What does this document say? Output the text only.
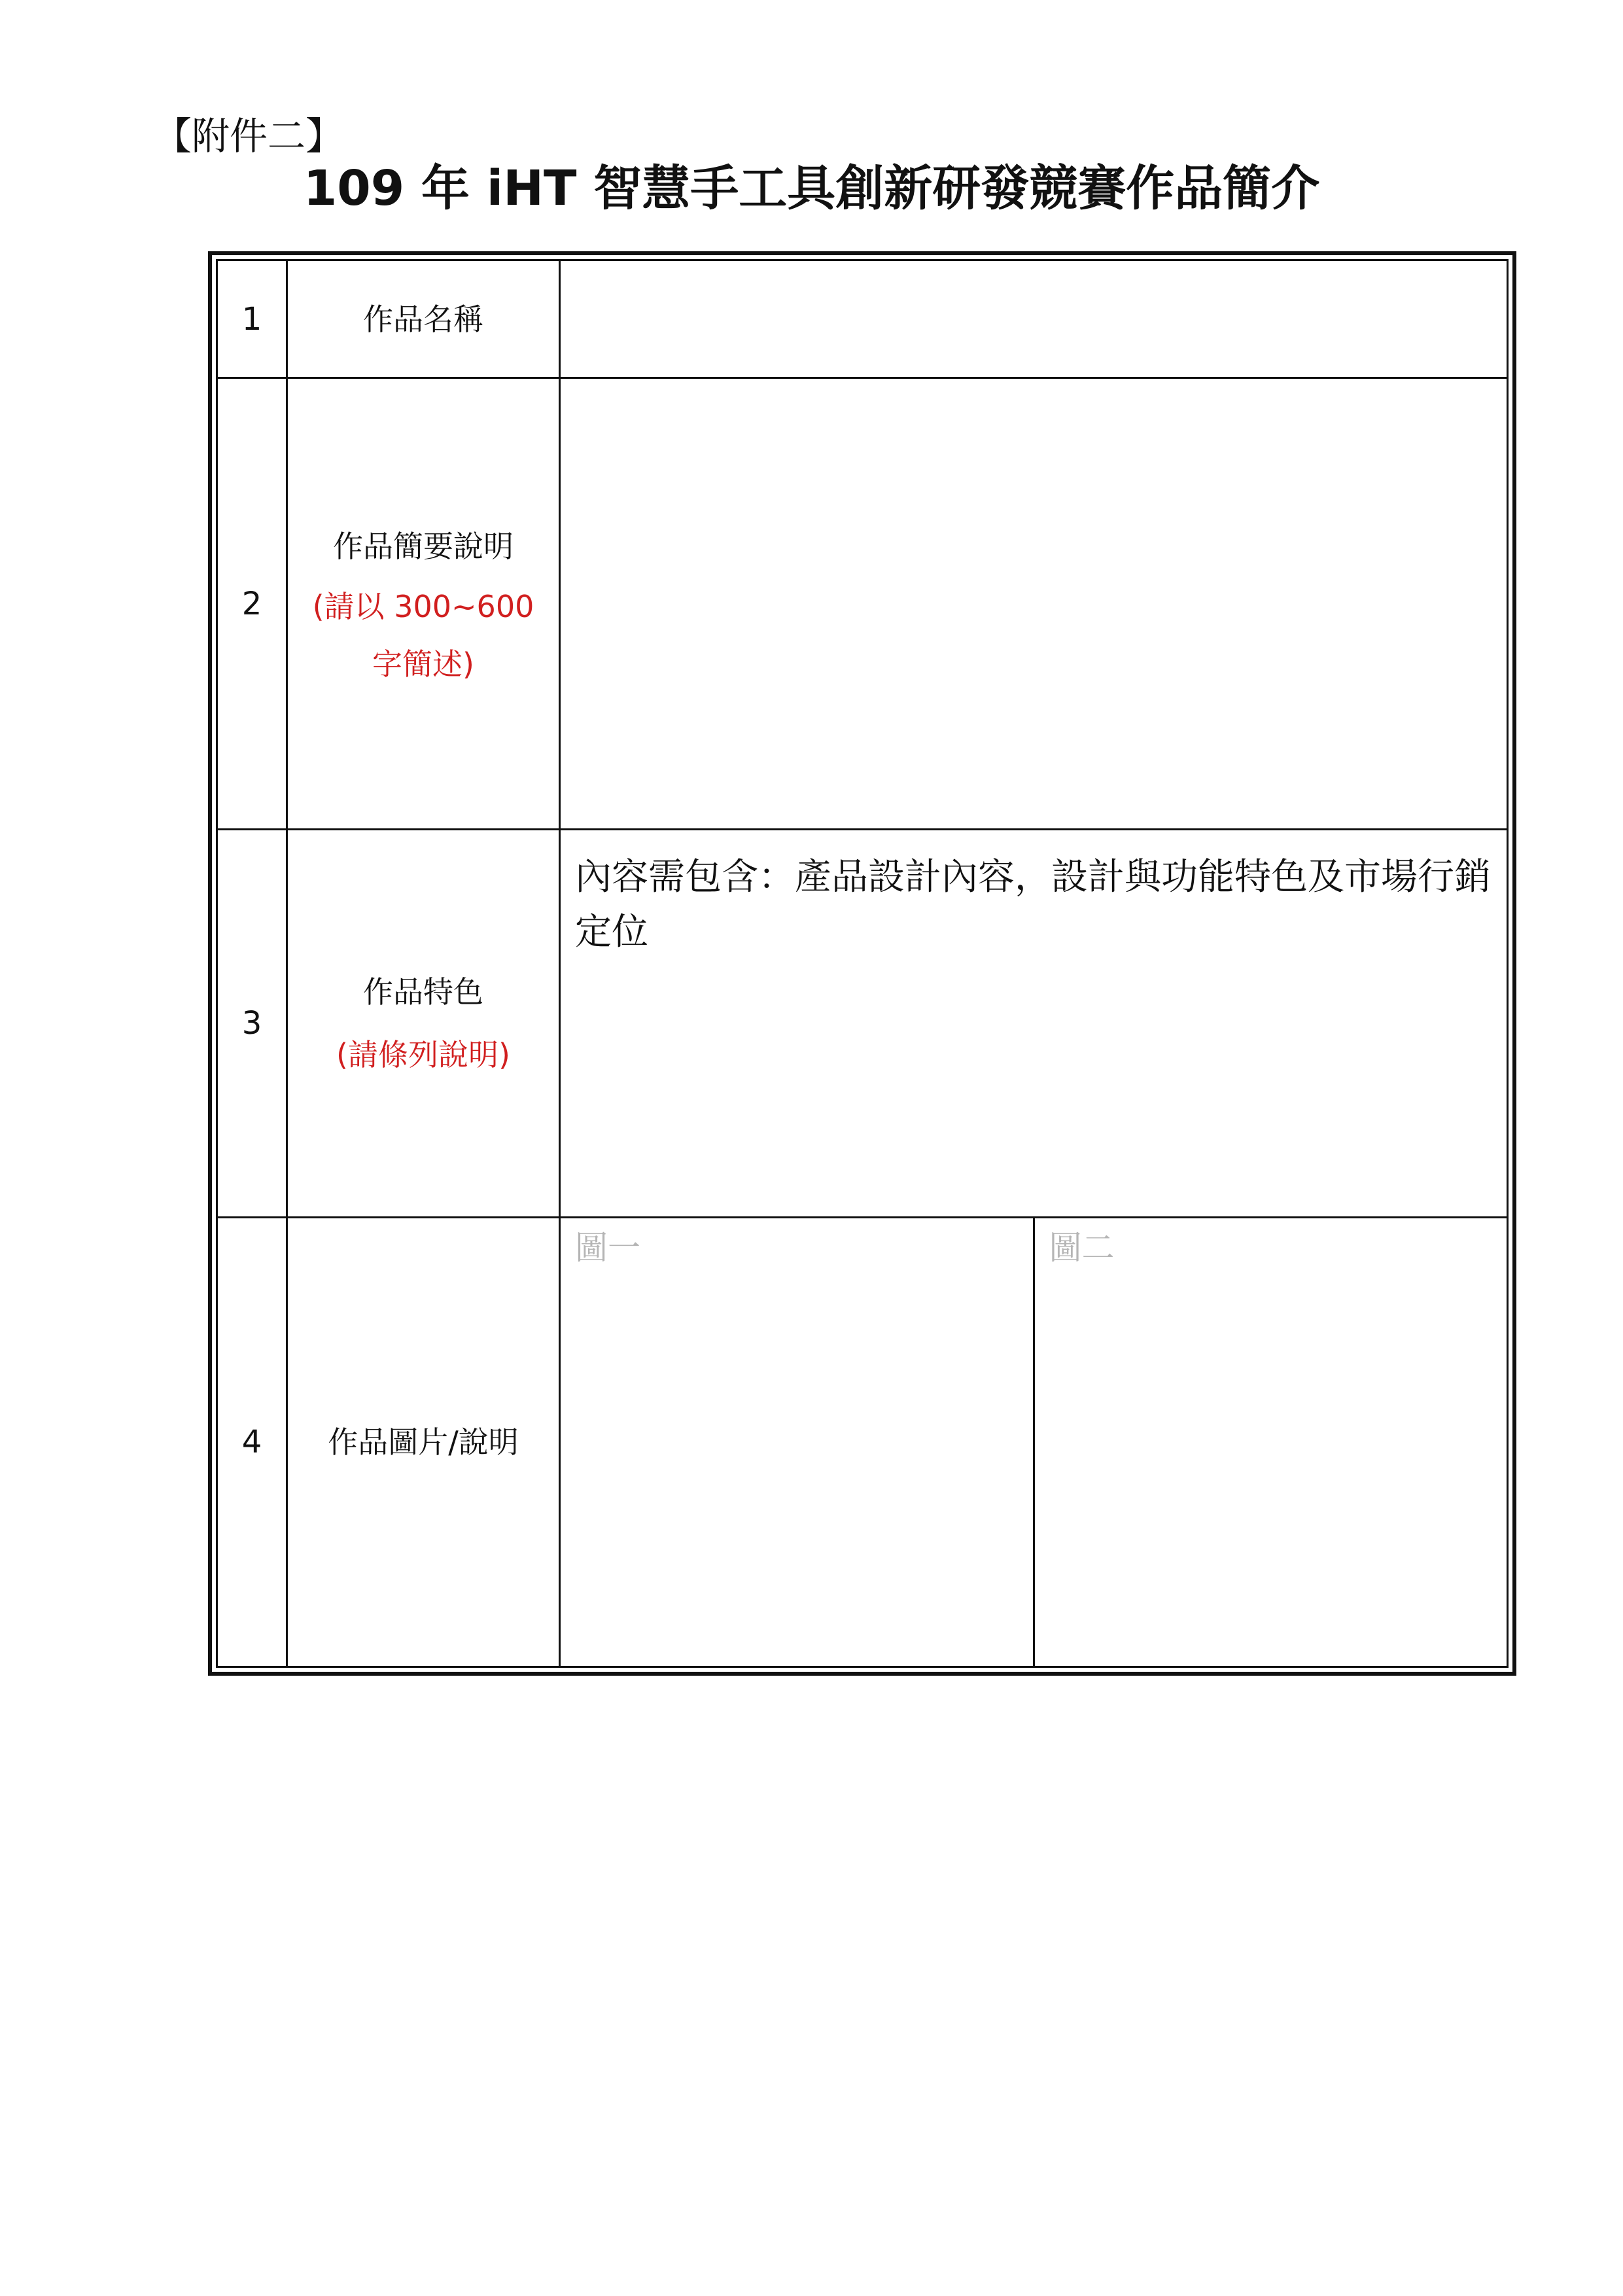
【附件二】
109 年 iHT 智慧手工具創新研發競賽作品簡介
1	作品名稱	

2	作品簡要說明
(請以 300~600 字簡述)	

3	作品特色
(請條列說明)	內容需包含：產品設計內容，設計與功能特色及市場行銷定位

4	作品圖片/說明	圖一 圖二
